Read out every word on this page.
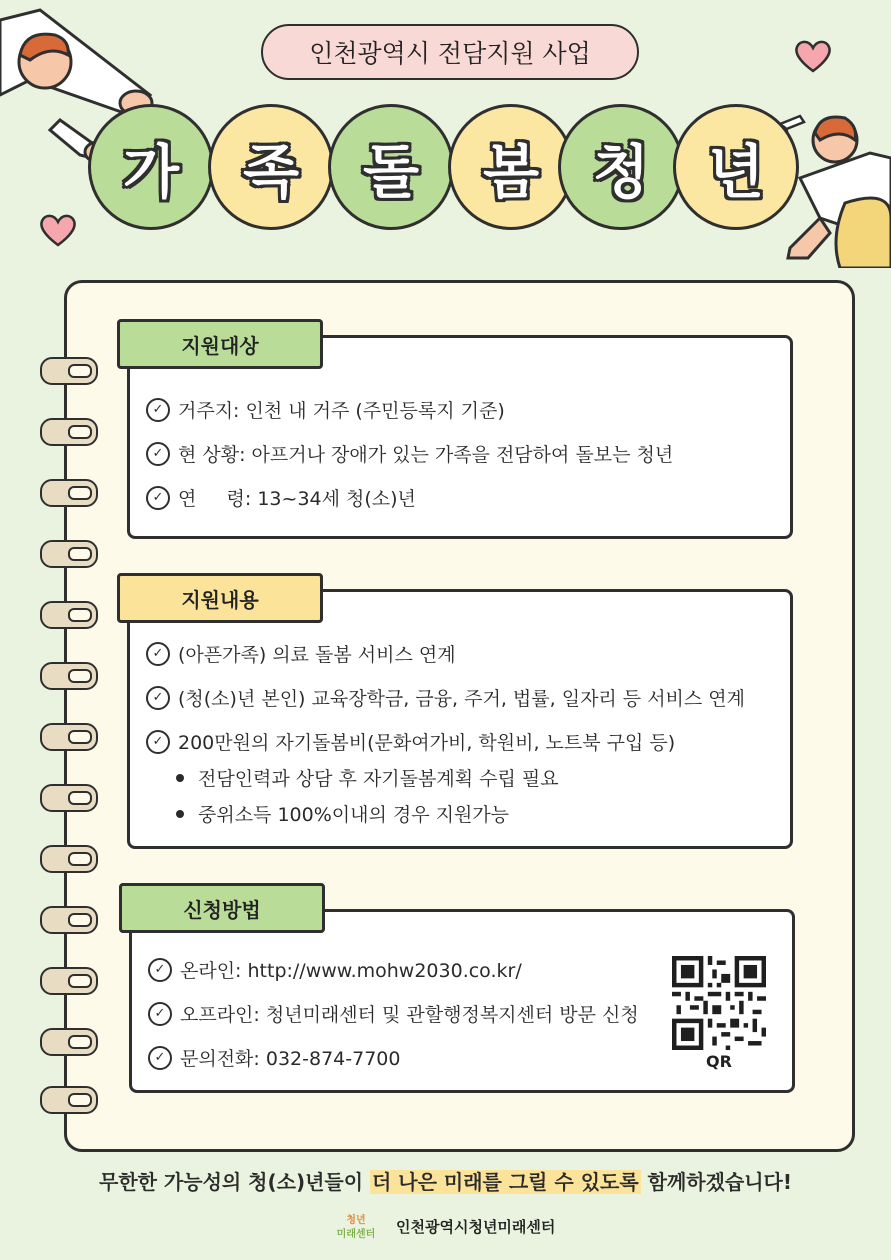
인천광역시 전담지원 사업
가	족	돌	봄 청	년
지원대상
✓ 거주지: 인천 내 거주 (주민등록지 기준)
✓ 현 상황: 아프거나 장애가 있는 가족을 전담하여 돌보는 청년
✓ 연     령: 13~34세 청(소)년
지원내용
✓ (아픈가족) 의료 돌봄 서비스 연계
✓ (청(소)년 본인) 교육장학금, 금융, 주거, 법률, 일자리 등 서비스 연계
✓ 200만원의 자기돌봄비(문화여가비, 학원비, 노트북 구입 등)
전담인력과 상담 후 자기돌봄계획 수립 필요
중위소득 100%이내의 경우 지원가능
신청방법
✓ 온라인: http://www.mohw2030.co.kr/
✓ 오프라인: 청년미래센터 및 관할행정복지센터 방문 신청
✓ 문의전화: 032-874-7700	QR
무한한 가능성의 청(소)년들이 더 나은 미래를 그릴 수 있도록 함께하겠습니다!
청년
미래센터 인천광역시청년미래센터
